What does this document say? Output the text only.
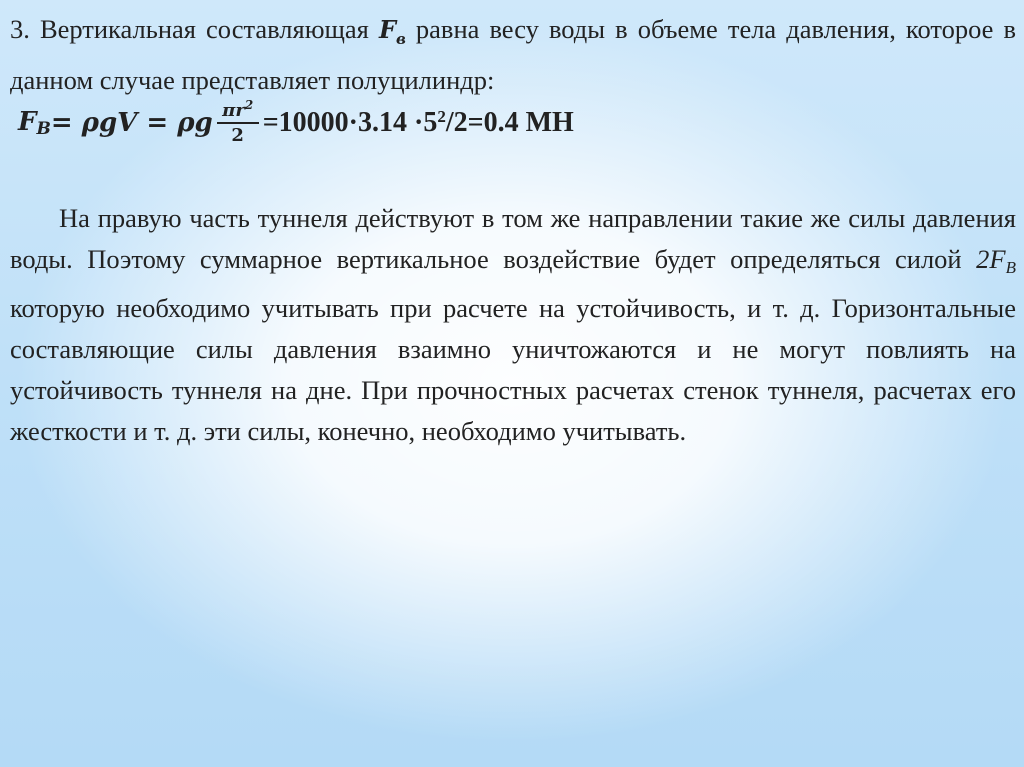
3. Вертикальная составляющая $F_в$ равна весу воды в объеме тела давления, которое в данном случае представляет полуцилиндр:
$F_B = \rho gV = \rho g \frac{\pi r^2}{2} =10000\cdot 3.14 \cdot 5^2/2=0.4$ МН
На правую часть туннеля действуют в том же направлении такие же силы давления воды. Поэтому суммарное вертикальное воздействие будет определяться силой $2F_B$ которую необходимо учитывать при расчете на устойчивость, и т. д. Горизонтальные составляющие силы давления взаимно уничтожаются и не могут повлиять на устойчивость туннеля на дне. При прочностных расчетах стенок туннеля, расчетах его жесткости и т. д. эти силы, конечно, необходимо учитывать.
